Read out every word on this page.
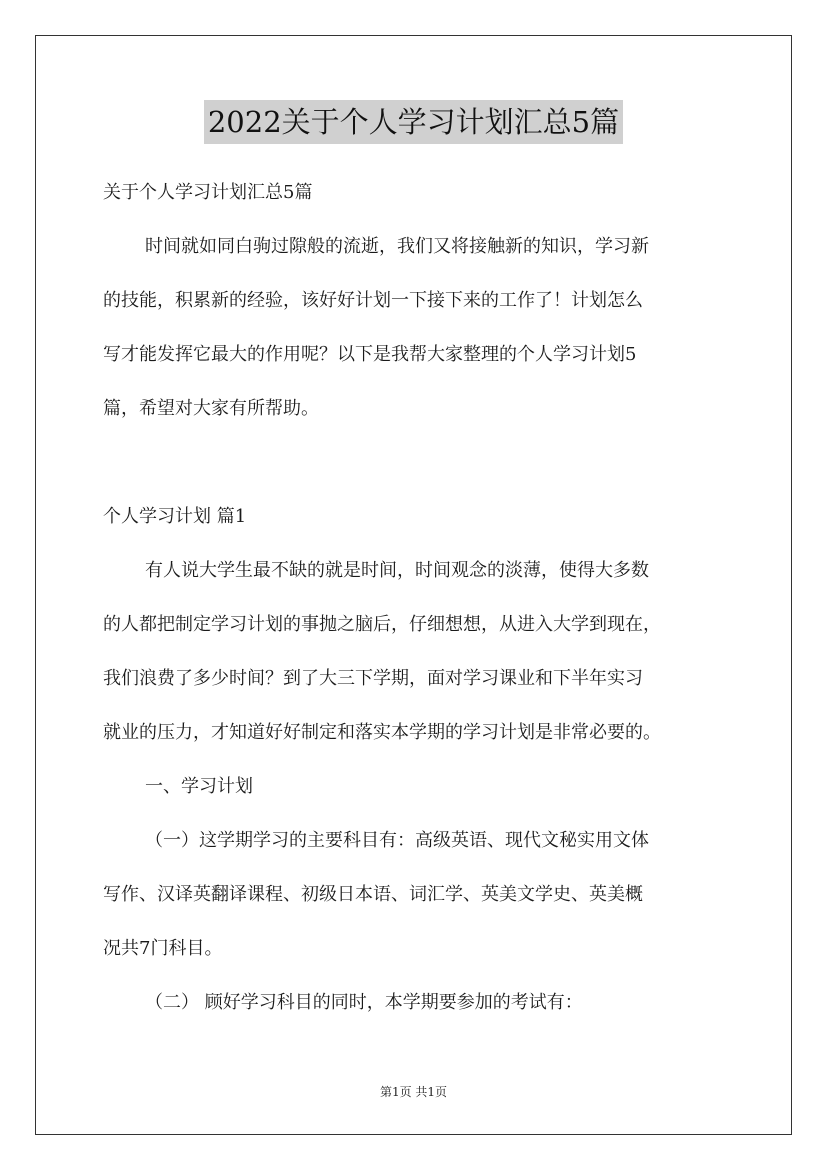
2022关于个人学习计划汇总5篇
关于个人学习计划汇总5篇
时间就如同白驹过隙般的流逝，我们又将接触新的知识，学习新
的技能，积累新的经验，该好好计划一下接下来的工作了！计划怎么
写才能发挥它最大的作用呢？以下是我帮大家整理的个人学习计划5
篇，希望对大家有所帮助。
个人学习计划 篇1
有人说大学生最不缺的就是时间，时间观念的淡薄，使得大多数
的人都把制定学习计划的事抛之脑后，仔细想想，从进入大学到现在，
我们浪费了多少时间？到了大三下学期，面对学习课业和下半年实习
就业的压力，才知道好好制定和落实本学期的学习计划是非常必要的。
一、学习计划
（一）这学期学习的主要科目有：高级英语、现代文秘实用文体
写作、汉译英翻译课程、初级日本语、词汇学、英美文学史、英美概
况共7门科目。
（二） 顾好学习科目的同时，本学期要参加的考试有：
第1页 共1页
